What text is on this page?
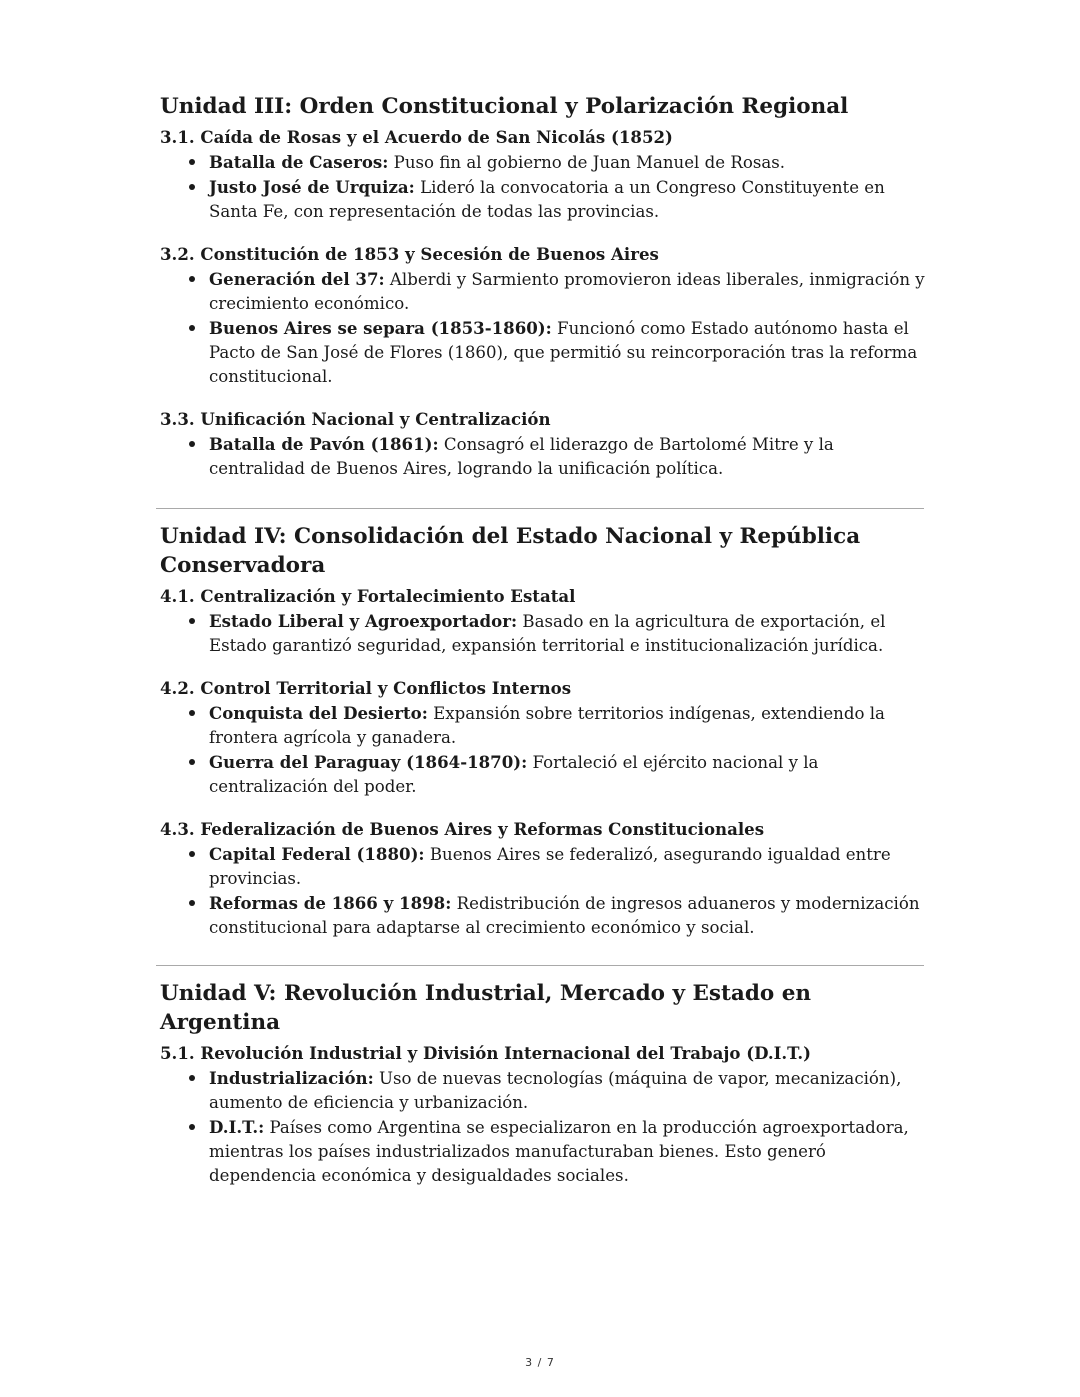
Unidad III: Orden Constitucional y Polarización Regional
3.1. Caída de Rosas y el Acuerdo de San Nicolás (1852)
Batalla de Caseros: Puso fin al gobierno de Juan Manuel de Rosas.
Justo José de Urquiza: Lideró la convocatoria a un Congreso Constituyente en Santa Fe, con representación de todas las provincias.
3.2. Constitución de 1853 y Secesión de Buenos Aires
Generación del 37: Alberdi y Sarmiento promovieron ideas liberales, inmigración y crecimiento económico.
Buenos Aires se separa (1853-1860): Funcionó como Estado autónomo hasta el Pacto de San José de Flores (1860), que permitió su reincorporación tras la reforma constitucional.
3.3. Unificación Nacional y Centralización
Batalla de Pavón (1861): Consagró el liderazgo de Bartolomé Mitre y la centralidad de Buenos Aires, logrando la unificación política.
Unidad IV: Consolidación del Estado Nacional y República Conservadora
4.1. Centralización y Fortalecimiento Estatal
Estado Liberal y Agroexportador: Basado en la agricultura de exportación, el Estado garantizó seguridad, expansión territorial e institucionalización jurídica.
4.2. Control Territorial y Conflictos Internos
Conquista del Desierto: Expansión sobre territorios indígenas, extendiendo la frontera agrícola y ganadera.
Guerra del Paraguay (1864-1870): Fortaleció el ejército nacional y la centralización del poder.
4.3. Federalización de Buenos Aires y Reformas Constitucionales
Capital Federal (1880): Buenos Aires se federalizó, asegurando igualdad entre provincias.
Reformas de 1866 y 1898: Redistribución de ingresos aduaneros y modernización constitucional para adaptarse al crecimiento económico y social.
Unidad V: Revolución Industrial, Mercado y Estado en Argentina
5.1. Revolución Industrial y División Internacional del Trabajo (D.I.T.)
Industrialización: Uso de nuevas tecnologías (máquina de vapor, mecanización), aumento de eficiencia y urbanización.
D.I.T.: Países como Argentina se especializaron en la producción agroexportadora, mientras los países industrializados manufacturaban bienes. Esto generó dependencia económica y desigualdades sociales.
3 / 7
